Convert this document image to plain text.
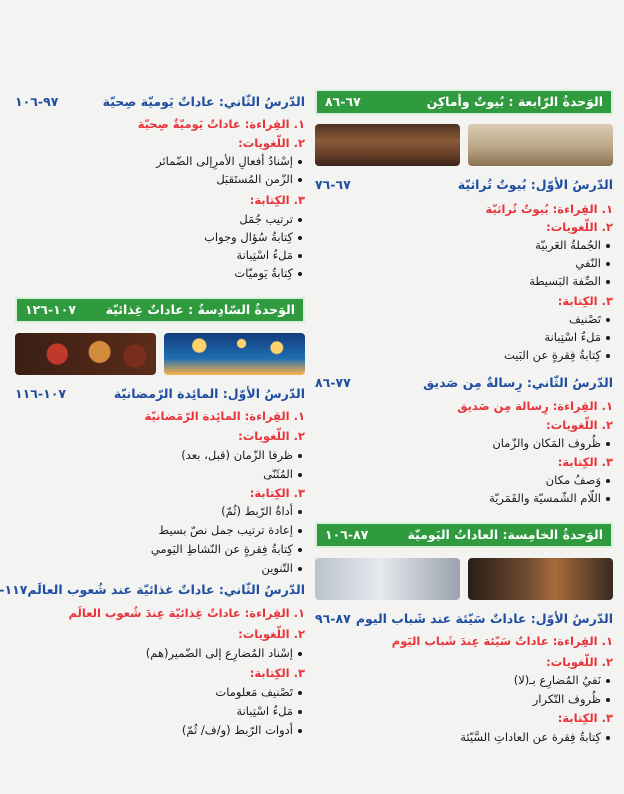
الوَحدةُ الرّابعة : بُيوتٌ وأماكِن
٦٧-٨٦
الدّرسُ الأوّل: بُيوتٌ تُراثيّة
٦٧-٧٦
١. القِراءة: بُيوتٌ تُراثيّة
٢. اللّغويات:
الجُملةُ العَربيّة
النّفي
الصِّفة البَسيطة
٣. الكِتابة:
تَصْنيف
مَلءُ اسْتِبانة
كِتابةُ فِقرةٍ عن البَيت
الدّرسُ الثّاني: رِسالةٌ مِن صَديق
٧٧-٨٦
١. القِراءة: رِسالة مِن صَديق
٢. اللّغويات:
ظُروف المَكان والزّمان
٣. الكِتابة:
وَصفُ مكان
اللّام الشّمسيّة والقَمَريّة
الوَحدةُ الخامِسة: العاداتُ اليَوميّة
٨٧-١٠٦
الدّرسُ الأوّل: عاداتٌ سَيّئة عند شَباب اليوم
٨٧-٩٦
١. القِراءة: عاداتٌ سَيّئة عِندَ شَباب اليَوم
٢. اللّغويات:
نَفيُ المُضارِع بـ(لا)
ظُروف التّكرار
٣. الكِتابة:
كِتابةُ فِقرة عن العاداتِ السَّيّئة
الدّرسُ الثّاني: عاداتٌ يَوميّة صِحيّة
٩٧-١٠٦
١. القِراءة: عاداتٌ يَوميّةٌ صِحيّة
٢. اللّغويات:
إسْنادُ أفعالِ الأمرِإلى الضّمائر
الزّمن المُستَقبَل
٣. الكِتابة:
ترتيب جُمَل
كِتابةُ سُؤال وجواب
مَلءُ اسْتِبانة
كِتابةُ يَوميّات
الوَحدةُ السّادِسةُ : عاداتٌ غِذائيّة
١٠٧-١٢٦
الدّرسُ الأوّل: المائِدة الرّمضانيّة
١٠٧-١١٦
١. القِراءة: المائِدة الرّمَضانيّة
٢. اللّغويات:
ظرفا الزّمان (قبل، بعد)
المُثَنّى
٣. الكِتابة:
أداةُ الرّبط (ثُمّ)
إعادة ترتيب جمل نصّ بسيط
كِتابةُ فِقرةٍ عن النّشاطِ اليَومي
التّنوين
الدّرسُ الثّاني: عاداتٌ غذائيّة عند شُعوب العالَم
١١٧-
١. القِراءة: عاداتٌ غِذائيّة عِندَ شُعوب العالَم
٢. اللّغويات:
إسْناد المُضارِع إلى الضّمير(هم)
٣. الكِتابة:
تَصْنيف مَعلومات
مَلءُ اسْتِبانة
أدوات الرّبط (و/ف/ ثُمّ)
